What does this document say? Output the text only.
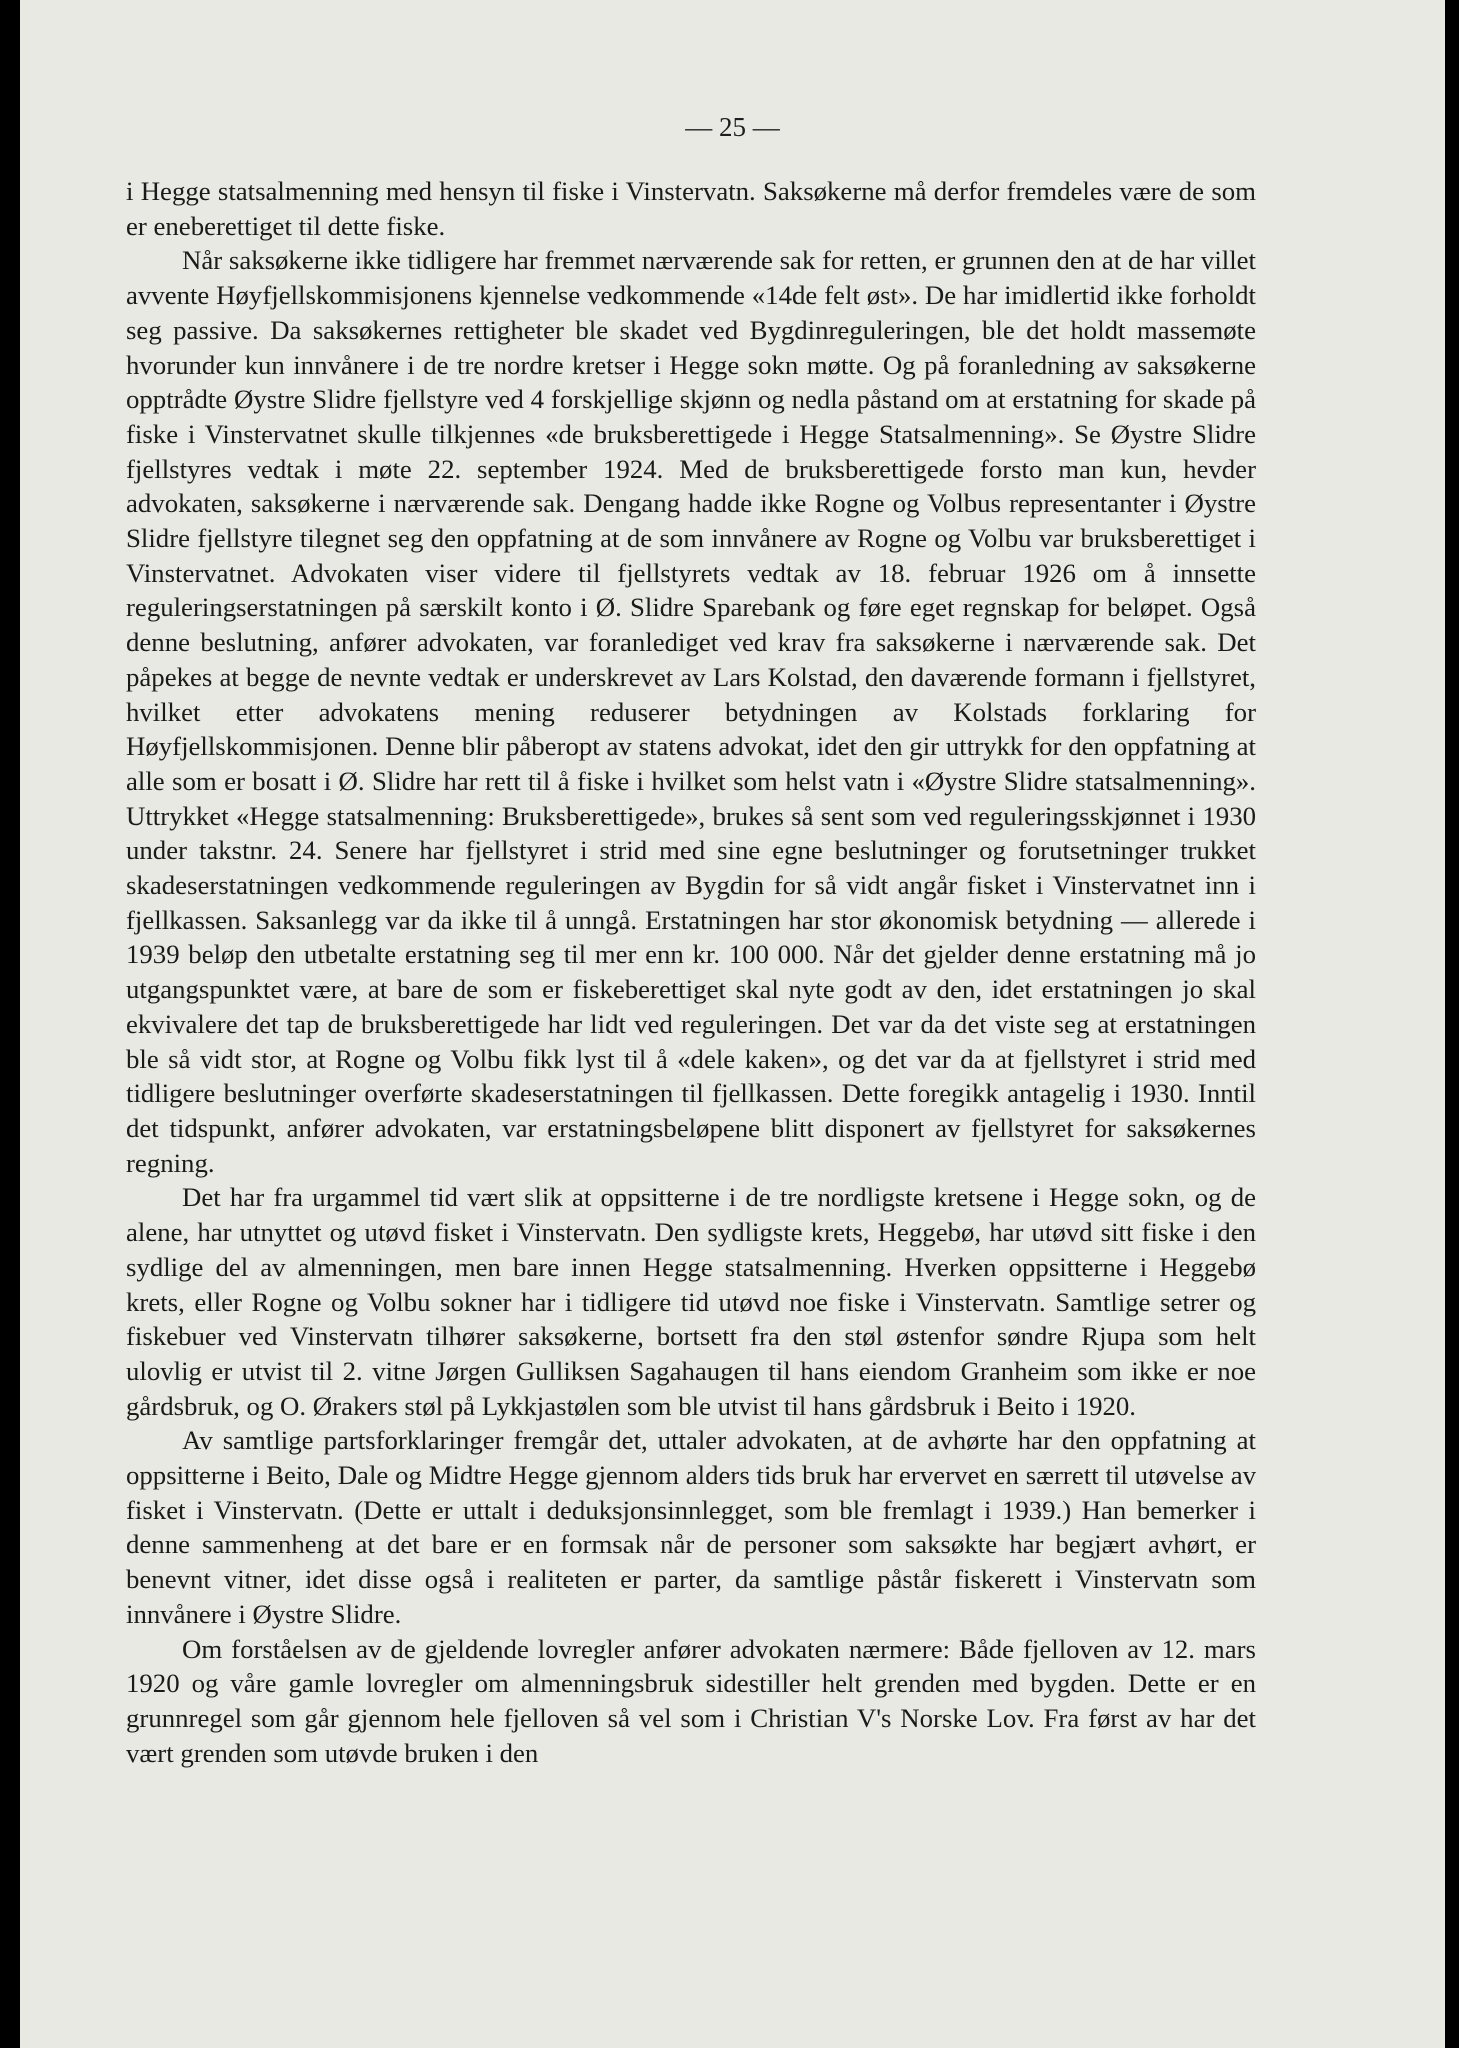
— 25 —

i Hegge statsalmenning med hensyn til fiske i Vinstervatn. Saksøkerne må derfor fremdeles være de som er eneberettiget til dette fiske.

Når saksøkerne ikke tidligere har fremmet nærværende sak for retten, er grunnen den at de har villet avvente Høyfjellskommisjonens kjennelse vedkommende «14de felt øst». De har imidlertid ikke forholdt seg passive. Da saksøkernes rettigheter ble skadet ved Bygdinreguleringen, ble det holdt massemøte hvorunder kun innvånere i de tre nordre kretser i Hegge sokn møtte. Og på foranledning av saksøkerne opptrådte Øystre Slidre fjellstyre ved 4 forskjellige skjønn og nedla påstand om at erstatning for skade på fiske i Vinstervatnet skulle tilkjennes «de bruksberettigede i Hegge Statsalmenning». Se Øystre Slidre fjellstyres vedtak i møte 22. september 1924. Med de bruksberettigede forsto man kun, hevder advokaten, saksøkerne i nærværende sak. Dengang hadde ikke Rogne og Volbus representanter i Øystre Slidre fjellstyre tilegnet seg den oppfatning at de som innvånere av Rogne og Volbu var bruksberettiget i Vinstervatnet. Advokaten viser videre til fjellstyrets vedtak av 18. februar 1926 om å innsette reguleringserstatningen på særskilt konto i Ø. Slidre Sparebank og føre eget regnskap for beløpet. Også denne beslutning, anfører advokaten, var foranlediget ved krav fra saksøkerne i nærværende sak. Det påpekes at begge de nevnte vedtak er underskrevet av Lars Kolstad, den daværende formann i fjellstyret, hvilket etter advokatens mening reduserer betydningen av Kolstads forklaring for Høyfjellskommisjonen. Denne blir påberopt av statens advokat, idet den gir uttrykk for den oppfatning at alle som er bosatt i Ø. Slidre har rett til å fiske i hvilket som helst vatn i «Øystre Slidre statsalmenning». Uttrykket «Hegge statsalmenning: Bruksberettigede», brukes så sent som ved reguleringsskjønnet i 1930 under takstnr. 24. Senere har fjellstyret i strid med sine egne beslutninger og forutsetninger trukket skadeserstatningen vedkommende reguleringen av Bygdin for så vidt angår fisket i Vinstervatnet inn i fjellkassen. Saksanlegg var da ikke til å unngå. Erstatningen har stor økonomisk betydning — allerede i 1939 beløp den utbetalte erstatning seg til mer enn kr. 100 000. Når det gjelder denne erstatning må jo utgangspunktet være, at bare de som er fiskeberettiget skal nyte godt av den, idet erstatningen jo skal ekvivalere det tap de bruksberettigede har lidt ved reguleringen. Det var da det viste seg at erstatningen ble så vidt stor, at Rogne og Volbu fikk lyst til å «dele kaken», og det var da at fjellstyret i strid med tidligere beslutninger overførte skadeserstatningen til fjellkassen. Dette foregikk antagelig i 1930. Inntil det tidspunkt, anfører advokaten, var erstatningsbeløpene blitt disponert av fjellstyret for saksøkernes regning.

Det har fra urgammel tid vært slik at oppsitterne i de tre nordligste kretsene i Hegge sokn, og de alene, har utnyttet og utøvd fisket i Vinstervatn. Den sydligste krets, Heggebø, har utøvd sitt fiske i den sydlige del av almenningen, men bare innen Hegge statsalmenning. Hverken oppsitterne i Heggebø krets, eller Rogne og Volbu sokner har i tidligere tid utøvd noe fiske i Vinstervatn. Samtlige setrer og fiskebuer ved Vinstervatn tilhører saksøkerne, bortsett fra den støl østenfor søndre Rjupa som helt ulovlig er utvist til 2. vitne Jørgen Gulliksen Sagahaugen til hans eiendom Granheim som ikke er noe gårdsbruk, og O. Ørakers støl på Lykkjastølen som ble utvist til hans gårdsbruk i Beito i 1920.

Av samtlige partsforklaringer fremgår det, uttaler advokaten, at de avhørte har den oppfatning at oppsitterne i Beito, Dale og Midtre Hegge gjennom alders tids bruk har ervervet en særrett til utøvelse av fisket i Vinstervatn. (Dette er uttalt i deduksjonsinnlegget, som ble fremlagt i 1939.) Han bemerker i denne sammenheng at det bare er en formsak når de personer som saksøkte har begjært avhørt, er benevnt vitner, idet disse også i realiteten er parter, da samtlige påstår fiskerett i Vinstervatn som innvånere i Øystre Slidre.

Om forståelsen av de gjeldende lovregler anfører advokaten nærmere: Både fjelloven av 12. mars 1920 og våre gamle lovregler om almenningsbruk sidestiller helt grenden med bygden. Dette er en grunnregel som går gjennom hele fjelloven så vel som i Christian V's Norske Lov. Fra først av har det vært grenden som utøvde bruken i den
